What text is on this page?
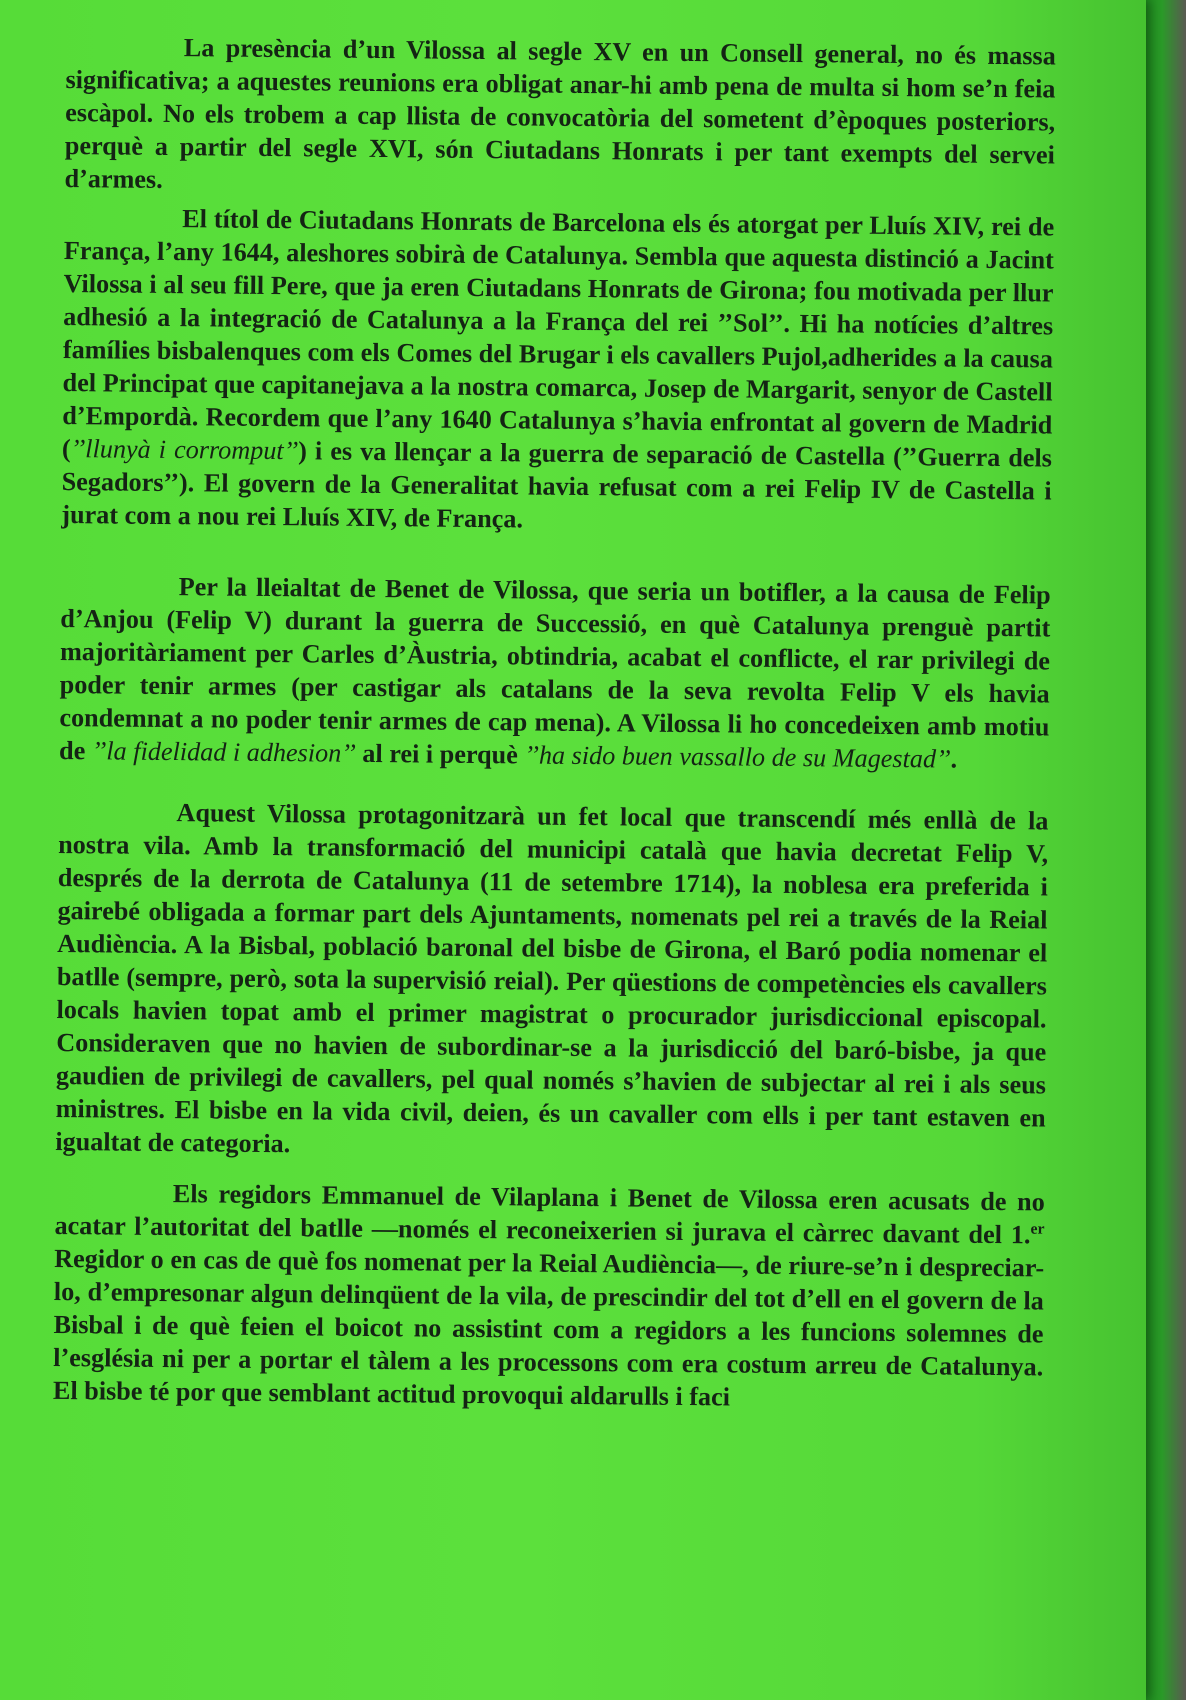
La presència d’un Vilossa al segle XV en un Consell general, no és massa significativa; a aquestes reunions era obligat anar-hi amb pena de multa si hom se’n feia escàpol. No els trobem a cap llista de convocatòria del sometent d’èpoques posteriors, perquè a partir del segle XVI, són Ciutadans Honrats i per tant exempts del servei d’armes.

El títol de Ciutadans Honrats de Barcelona els és atorgat per Lluís XIV, rei de França, l’any 1644, aleshores sobirà de Catalunya. Sembla que aquesta distinció a Jacint Vilossa i al seu fill Pere, que ja eren Ciutadans Honrats de Girona; fou motivada per llur adhesió a la integració de Catalunya a la França del rei ’’Sol’’. Hi ha notícies d’altres famílies bisbalenques com els Comes del Brugar i els cavallers Pujol,adherides a la causa del Principat que capitanejava a la nostra comarca, Josep de Margarit, senyor de Castell d’Empordà. Recordem que l’any 1640 Catalunya s’havia enfrontat al govern de Madrid (’’llunyà i corromput’’) i es va llençar a la guerra de separació de Castella (’’Guerra dels Segadors’’). El govern de la Generalitat havia refusat com a rei Felip IV de Castella i jurat com a nou rei Lluís XIV, de França.

Per la lleialtat de Benet de Vilossa, que seria un botifler, a la causa de Felip d’Anjou (Felip V) durant la guerra de Successió, en què Catalunya prenguè partit majoritàriament per Carles d’Àustria, obtindria, acabat el conflicte, el rar privilegi de poder tenir armes (per castigar als catalans de la seva revolta Felip V els havia condemnat a no poder tenir armes de cap mena). A Vilossa li ho concedeixen amb motiu de ’’la fidelidad i adhesion’’ al rei i perquè ’’ha sido buen vassallo de su Magestad’’.

Aquest Vilossa protagonitzarà un fet local que transcendí més enllà de la nostra vila. Amb la transformació del municipi català que havia decretat Felip V, després de la derrota de Catalunya (11 de setembre 1714), la noblesa era preferida i gairebé obligada a formar part dels Ajuntaments, nomenats pel rei a través de la Reial Audiència. A la Bisbal, població baronal del bisbe de Girona, el Baró podia nomenar el batlle (sempre, però, sota la supervisió reial). Per qüestions de competències els cavallers locals havien topat amb el primer magistrat o procurador jurisdiccional episcopal. Consideraven que no havien de subordinar-se a la jurisdicció del baró-bisbe, ja que gaudien de privilegi de cavallers, pel qual només s’havien de subjectar al rei i als seus ministres. El bisbe en la vida civil, deien, és un cavaller com ells i per tant estaven en igualtat de categoria.

Els regidors Emmanuel de Vilaplana i Benet de Vilossa eren acusats de no acatar l’autoritat del batlle —només el reconeixerien si jurava el càrrec davant del 1.$^{er}$ Regidor o en cas de què fos nomenat per la Reial Audiència—, de riure-se’n i despreciar-lo, d’empresonar algun delinqüent de la vila, de prescindir del tot d’ell en el govern de la Bisbal i de què feien el boicot no assistint com a regidors a les funcions solemnes de l’església ni per a portar el tàlem a les processons com era costum arreu de Catalunya. El bisbe té por que semblant actitud provoqui aldarulls i faci
